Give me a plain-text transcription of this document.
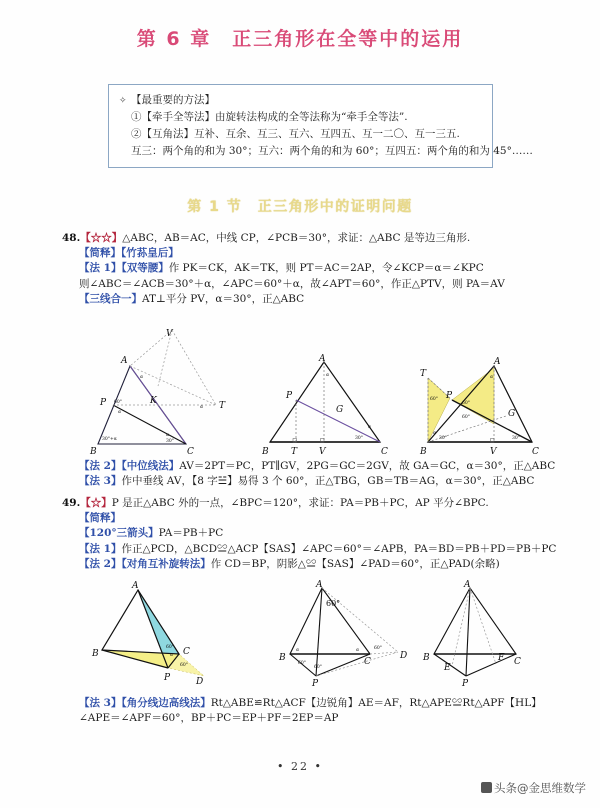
第 6 章　正三角形在全等中的运用
✧ 【最重要的方法】
①【牵手全等法】由旋转法构成的全等法称为“牵手全等法”.
②【互角法】互补、互余、互三、互六、互四五、互一二〇、互一三五.
互三：两个角的和为 30°；互六：两个角的和为 60°；互四五：两个角的和为 45°……
第 1 节　正三角形中的证明问题
48.【☆☆】△ABC，AB＝AC，中线 CP，∠PCB＝30°，求证：△ABC 是等边三角形.
【简释】【竹荪皇后】
【法 1】【双等腰】作 PK＝CK，AK＝TK，则 PT＝AC＝2AP，令∠KCP＝α＝∠KPC
则∠ABC＝∠ACB＝30°＋α，∠APC＝60°＋α，故∠APT＝60°，作正△PTV，则 PA＝AV
【三线合一】AT⊥平分 PV，α＝30°，正△ABC
V
A
P	K	T
B	C
60°
α
α
α
α
30°+α	30°
A
P
G
B T V	C
α
α
30°
T
A
P
G
B	V	C
60°
α
60°
60°
α
30°	30°
【法 2】【中位线法】AV＝2PT＝PC，PT∥GV，2PG＝GC＝2GV，故 GA＝GC，α＝30°，正△ABC
【法 3】作中垂线 AV，【8 字☱】易得 3 个 60°，正△TBG，GB＝TB＝AG，α＝30°，正△ABC
49.【☆】P 是正△ABC 外的一点，∠BPC＝120°，求证：PA＝PB＋PC，AP 平分∠BPC.
【简释】
【120°三箭头】PA＝PB＋PC
【法 1】作正△PCD，△BCD≌△ACP【SAS】∠APC＝60°＝∠APB，PA＝BD＝PB＋PD＝PB＋PC
【法 2】【对角互补旋转法】作 CD＝BP，阴影△≌【SAS】∠PAD＝60°，正△PAD(余略)
A
B	C
P	D
60°
α
60°
A
B	C
D
P
60°
α	α	60°
60°
60°
A
B
E
P
C
F
【法 3】【角分线边高线法】Rt△ABE≌Rt△ACF【边锐角】AE＝AF，Rt△APE≌Rt△APF【HL】
∠APE＝∠APF＝60°，BP＋PC＝EP＋PF＝2EP＝AP
• 22 •
头条@金思维数学
